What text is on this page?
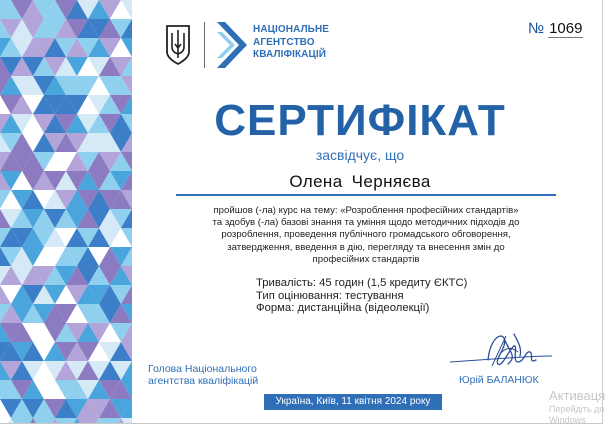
НАЦІОНАЛЬНЕ
АГЕНТСТВО
КВАЛІФІКАЦІЙ
№ 1069
СЕРТИФІКАТ
засвідчує, що
Олена Черняєва
пройшов (-ла) курс на тему: «Розроблення професійних стандартів»
та здобув (-ла) базові знання та уміння щодо методичних підходів до
розроблення, проведення публічного громадського обговорення,
затвердження, введення в дію, перегляду та внесення змін до
професійних стандартів
Тривалість: 45 годин (1,5 кредиту ЄКТС)
Тип оцінювання: тестування
Форма: дистанційна (відеолекції)
Голова Національного
агентства кваліфікацій	Юрій БАЛАНЮК
Україна, Київ, 11 квітня 2024 року	Активаця
Перейдіть до
Windows
